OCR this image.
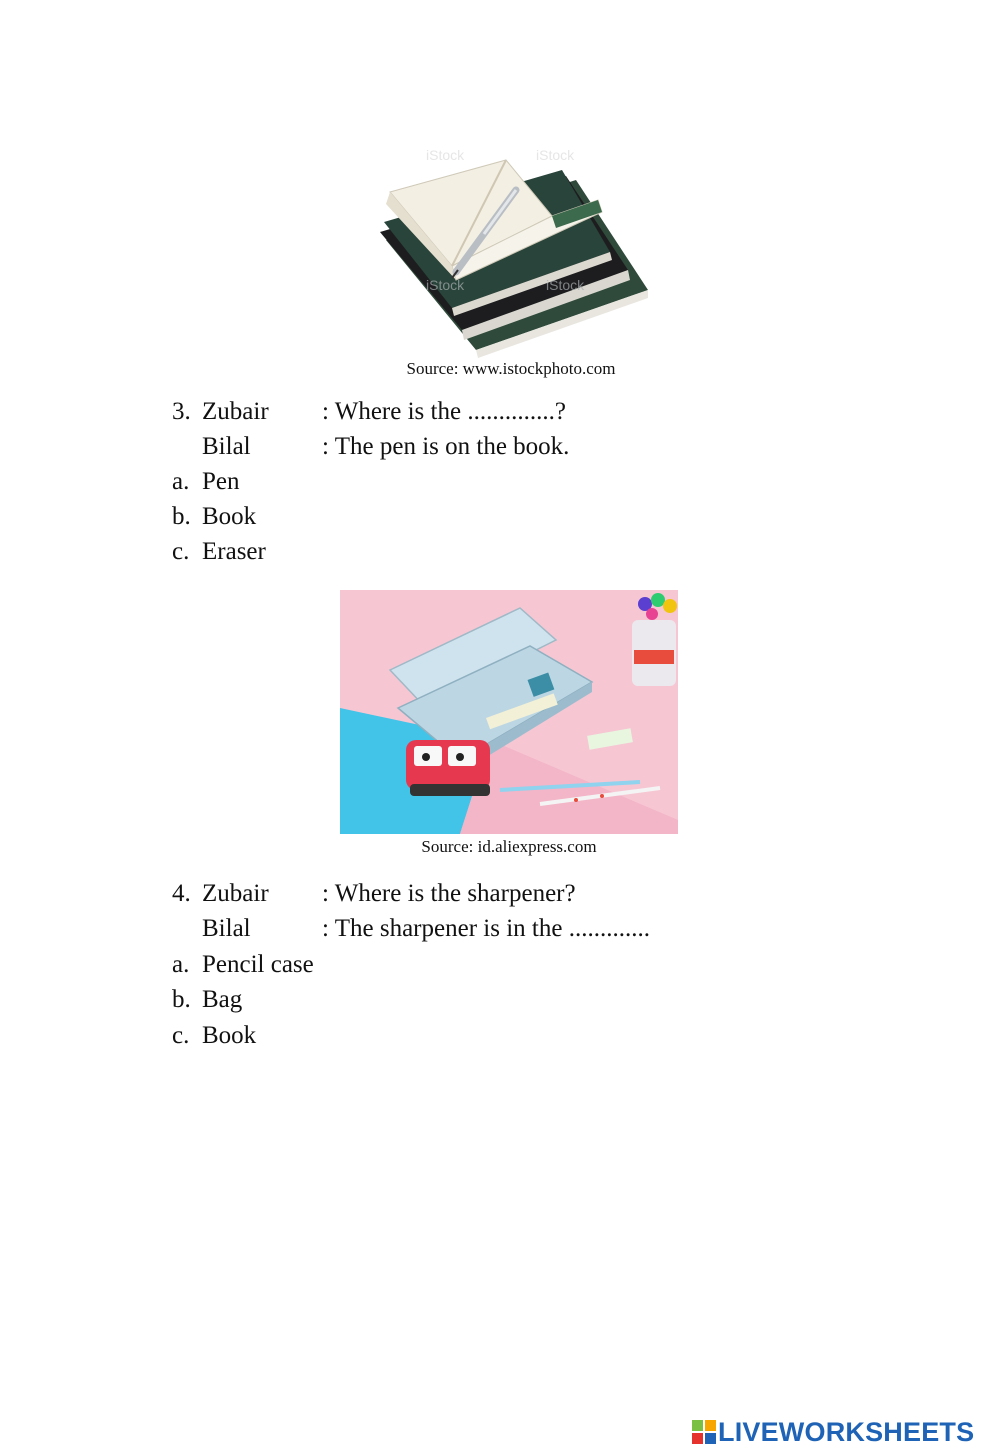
iStock	iStock
iStock	iStock
Source: www.istockphoto.com
3. Zubair : Where is the ..............?
Bilal	: The pen is on the book.
a. Pen
b. Book
c. Eraser
Source: id.aliexpress.com
4. Zubair : Where is the sharpener?
Bilal	: The sharpener is in the .............
a. Pencil case
b. Bag
c. Book
LIVEWORKSHEETS
